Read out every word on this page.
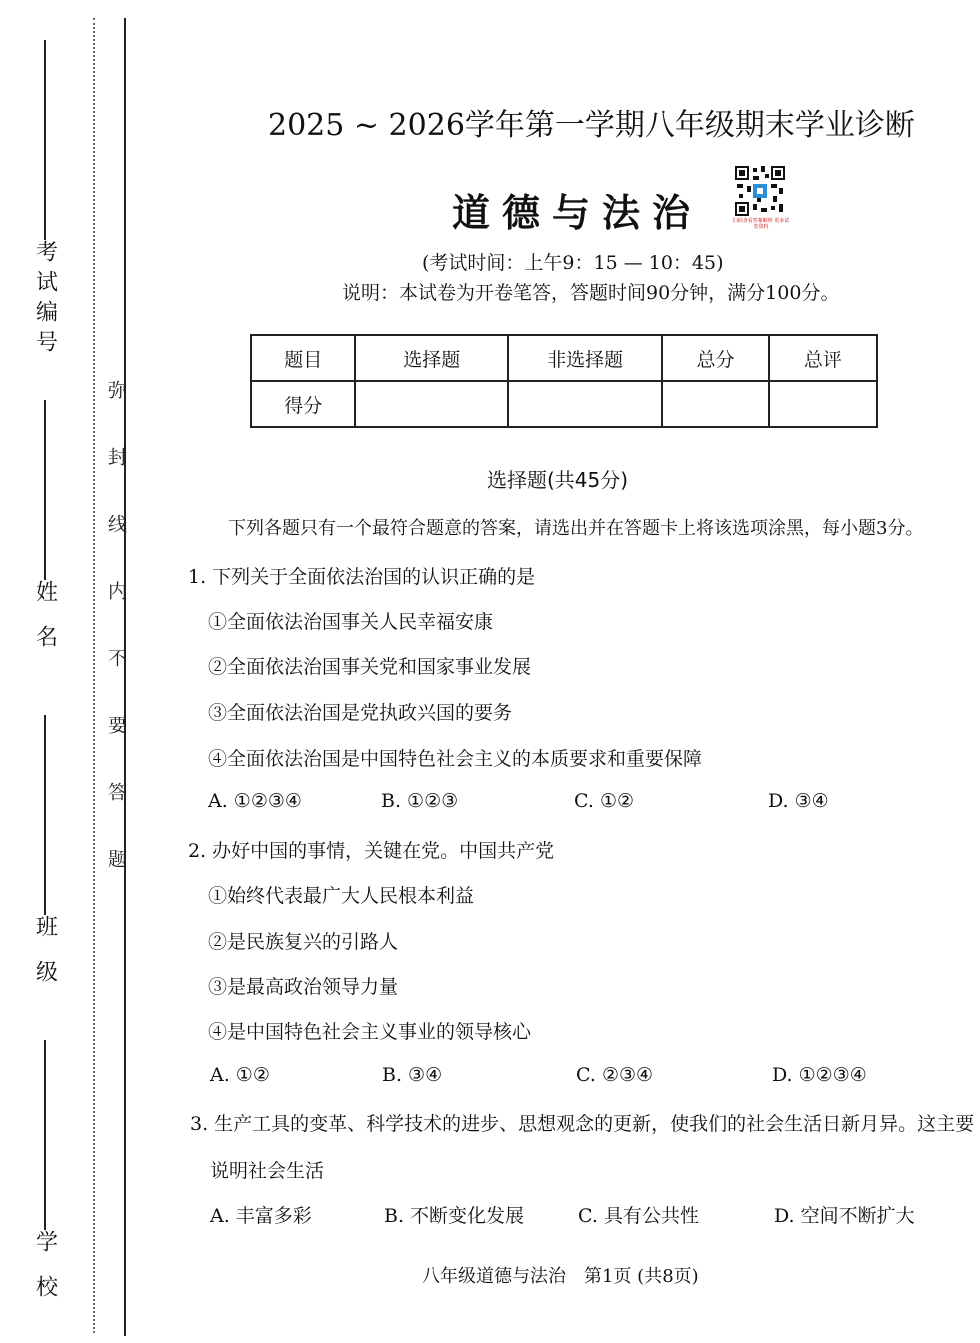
考试编号
姓 名
班 级
学 校
弥封线内不要答题
2025 ~ 2026学年第一学期八年级期末学业诊断
道德与法治	扫码查看答案解析 更多试卷资料
(考试时间：上午9：15 — 10：45)
说明：本试卷为开卷笔答，答题时间90分钟，满分100分。
题目	选择题	非选择题	总分	总评
得分				
选择题(共45分)
下列各题只有一个最符合题意的答案，请选出并在答题卡上将该选项涂黑，每小题3分。
1. 下列关于全面依法治国的认识正确的是
①全面依法治国事关人民幸福安康
②全面依法治国事关党和国家事业发展
③全面依法治国是党执政兴国的要务
④全面依法治国是中国特色社会主义的本质要求和重要保障
A. ①②③④	B. ①②③	C. ①②	D. ③④
2. 办好中国的事情，关键在党。中国共产党
①始终代表最广大人民根本利益
②是民族复兴的引路人
③是最高政治领导力量
④是中国特色社会主义事业的领导核心
A. ①②	B. ③④	C. ②③④	D. ①②③④
3. 生产工具的变革、科学技术的进步、思想观念的更新，使我们的社会生活日新月异。这主要
说明社会生活
A. 丰富多彩	B. 不断变化发展	C. 具有公共性	D. 空间不断扩大
八年级道德与法治　第1页 (共8页)
